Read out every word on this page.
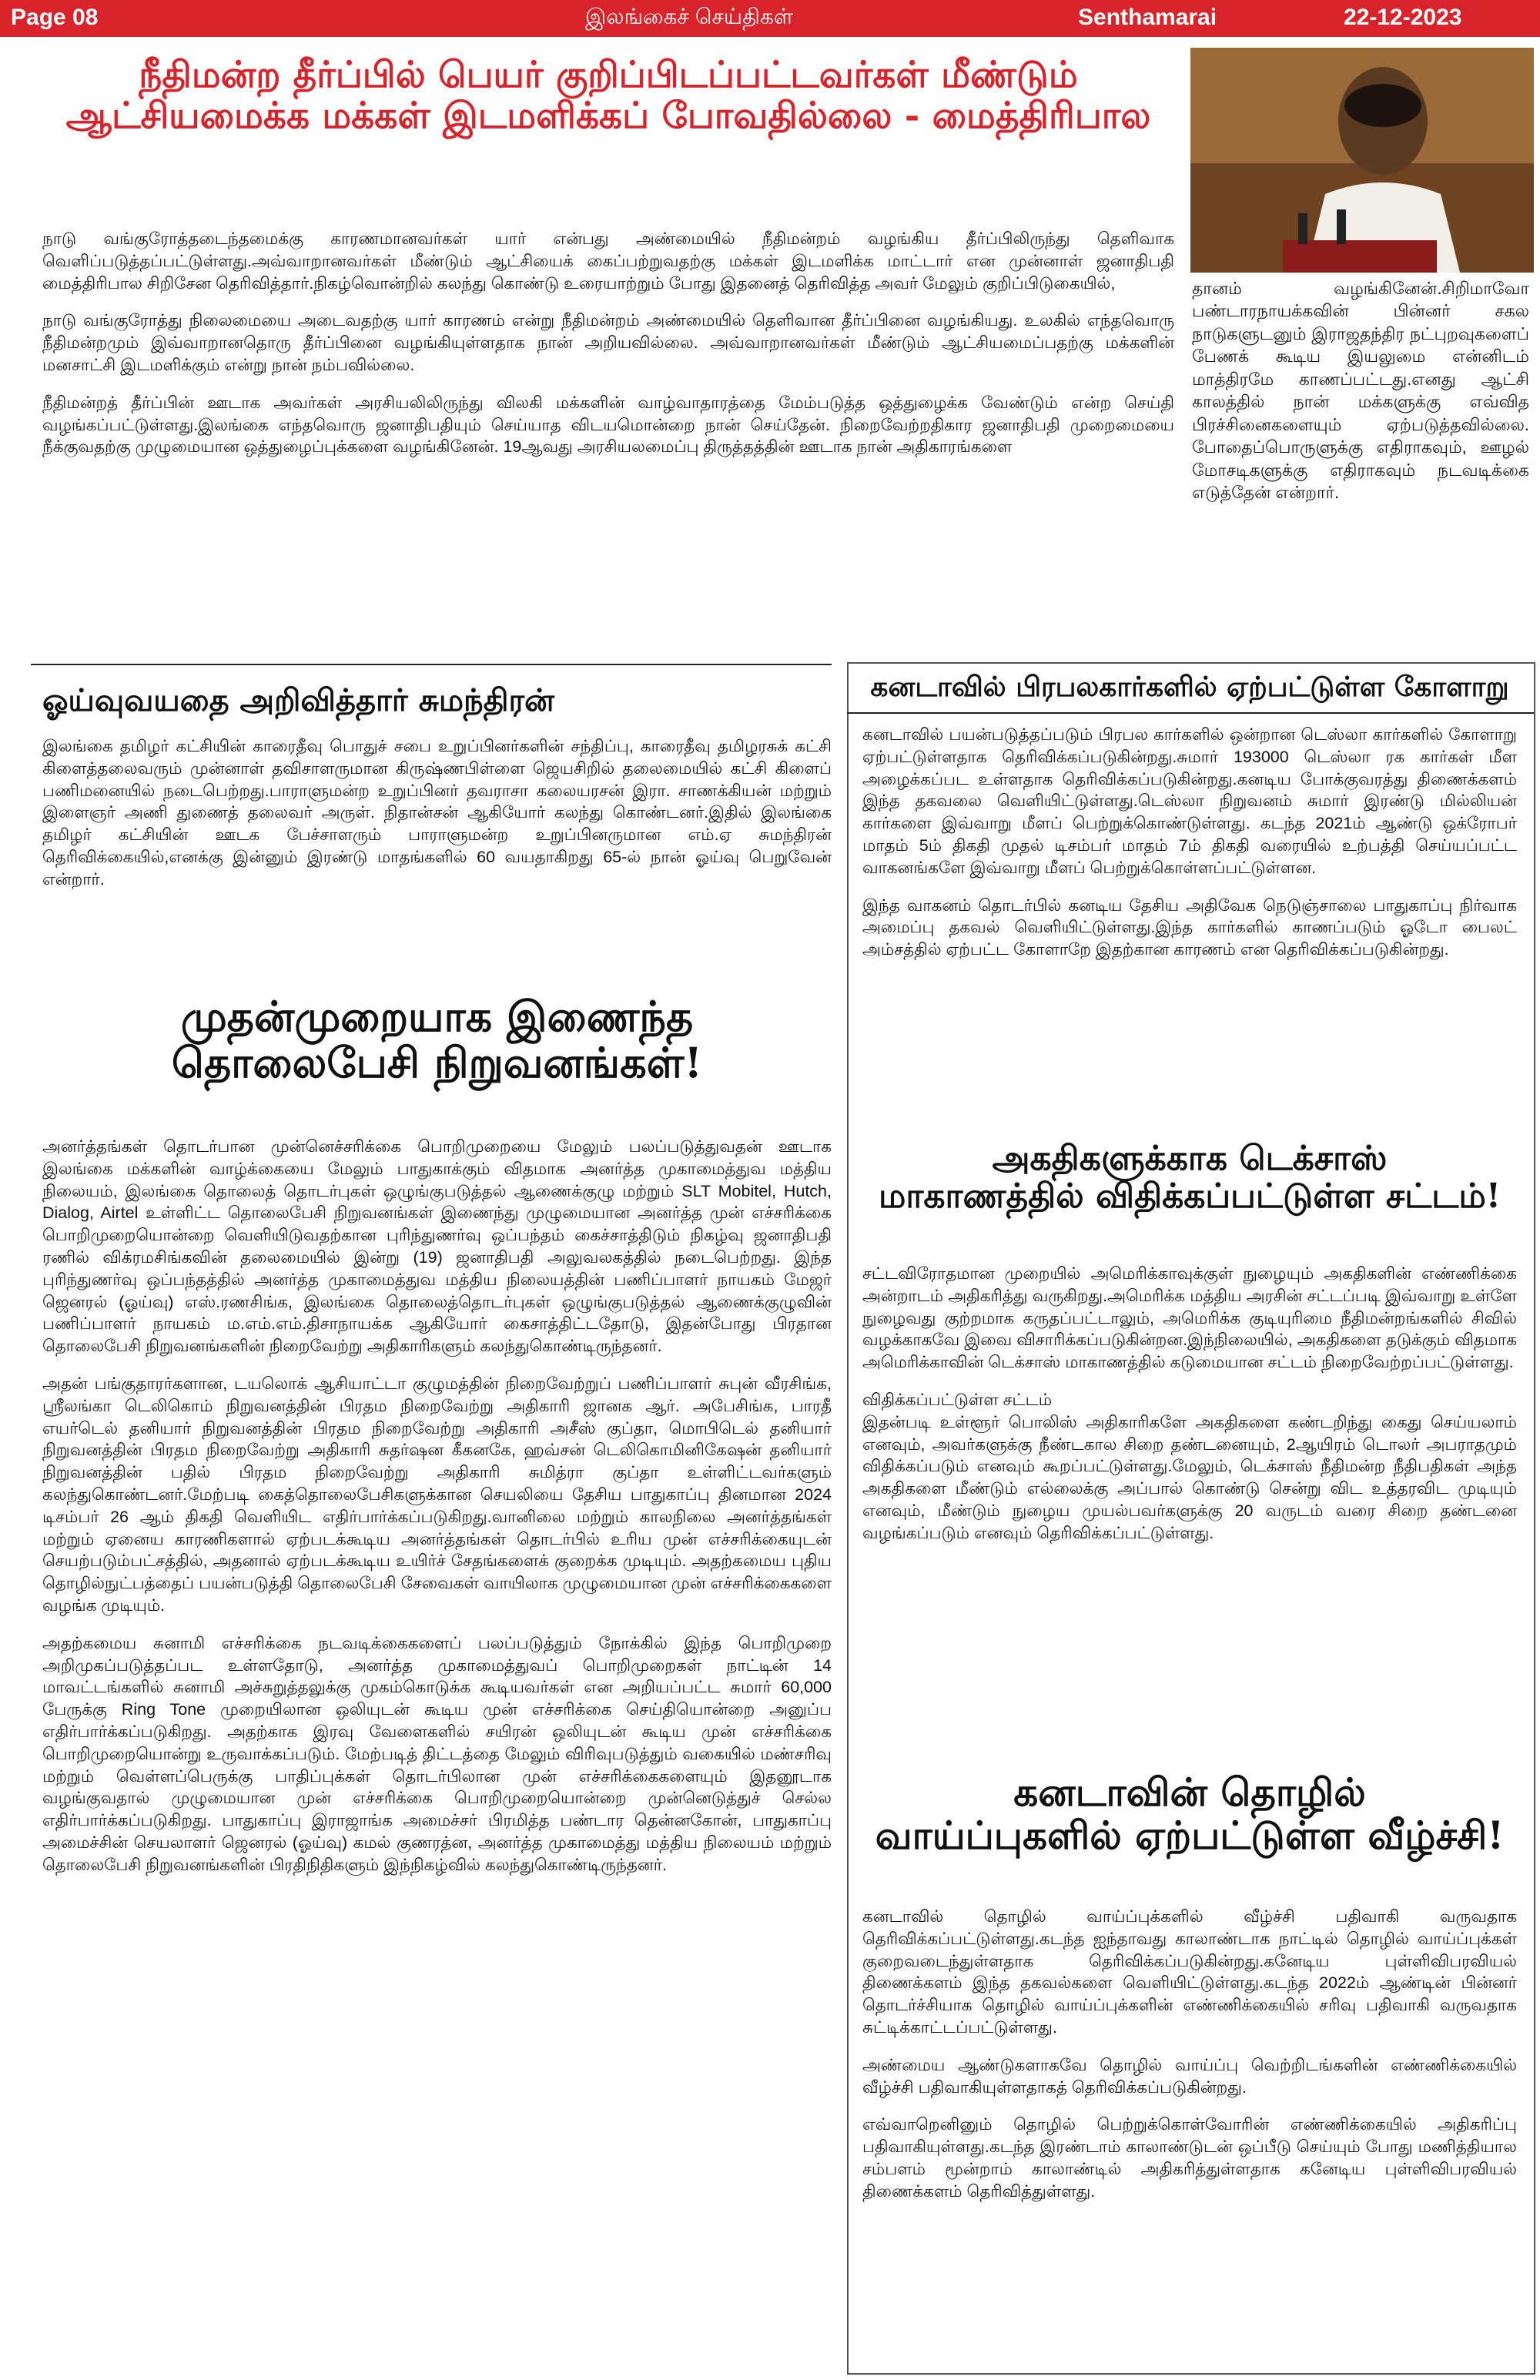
Page 08	இலங்கைச் செய்திகள்	Senthamarai	22-12-2023
நீதிமன்ற தீர்ப்பில் பெயர் குறிப்பிடப்பட்டவர்கள் மீண்டும்
ஆட்சியமைக்க மக்கள் இடமளிக்கப் போவதில்லை - மைத்திரிபால

நாடு வங்குரோத்தடைந்தமைக்கு காரணமானவர்கள் யார் என்பது அண்மையில் நீதிமன்றம் வழங்கிய தீர்ப்பிலிருந்து தெளிவாக வெளிப்படுத்தப்பட்டுள்ளது.அவ்வாறானவர்கள் மீண்டும் ஆட்சியைக் கைப்பற்றுவதற்கு மக்கள் இடமளிக்க மாட்டார் என முன்னாள் ஜனாதிபதி மைத்திரிபால சிறிசேன தெரிவித்தார்.நிகழ்வொன்றில் கலந்து கொண்டு உரையாற்றும் போது இதனைத் தெரிவித்த அவர் மேலும் குறிப்பிடுகையில்,

நாடு வங்குரோத்து நிலைமையை அடைவதற்கு யார் காரணம் என்று நீதிமன்றம் அண்மையில் தெளிவான தீர்ப்பினை வழங்கியது. உலகில் எந்தவொரு நீதிமன்றமும் இவ்வாறானதொரு தீர்ப்பினை வழங்கியுள்ளதாக நான் அறியவில்லை. அவ்வாறானவர்கள் மீண்டும் ஆட்சியமைப்பதற்கு மக்களின் மனசாட்சி இடமளிக்கும் என்று நான் நம்பவில்லை.

நீதிமன்றத் தீர்ப்பின் ஊடாக அவர்கள் அரசியலிலிருந்து விலகி மக்களின் வாழ்வாதாரத்தை மேம்படுத்த ஒத்துழைக்க வேண்டும் என்ற செய்தி வழங்கப்பட்டுள்ளது.இலங்கை எந்தவொரு ஜனாதிபதியும் செய்யாத விடயமொன்றை நான் செய்தேன். நிறைவேற்றதிகார ஜனாதிபதி முறைமையை நீக்குவதற்கு முழுமையான ஒத்துழைப்புக்களை வழங்கினேன். 19ஆவது அரசியலமைப்பு திருத்தத்தின் ஊடாக நான் அதிகாரங்களை

தானம் வழங்கினேன்.சிறிமாவோ பண்டாரநாயக்கவின் பின்னர் சகல நாடுகளுடனும் இராஜதந்திர நட்புறவுகளைப் பேணக் கூடிய இயலுமை என்னிடம் மாத்திரமே காணப்பட்டது.எனது ஆட்சி காலத்தில் நான் மக்களுக்கு எவ்வித பிரச்சினைகளையும் ஏற்படுத்தவில்லை. போதைப்பொருளுக்கு எதிராகவும், ஊழல் மோசடிகளுக்கு எதிராகவும் நடவடிக்கை எடுத்தேன் என்றார்.

ஓய்வுவயதை அறிவித்தார் சுமந்திரன்

இலங்கை தமிழர் கட்சியின் காரைதீவு பொதுச் சபை உறுப்பினர்களின் சந்திப்பு, காரைதீவு தமிழரசுக் கட்சி கிளைத்தலைவரும் முன்னாள் தவிசாளருமான கிருஷ்ணபிள்ளை ஜெயசிறில் தலைமையில் கட்சி கிளைப் பணிமனையில் நடைபெற்றது.பாராளுமன்ற உறுப்பினர் தவராசா கலையரசன் இரா. சாணக்கியன் மற்றும் இளைஞர் அணி துணைத் தலைவர் அருள். நிதான்சன் ஆகியோர் கலந்து கொண்டனர்.இதில் இலங்கை தமிழர் கட்சியின் ஊடக பேச்சாளரும் பாராளுமன்ற உறுப்பினருமான எம்.ஏ சுமந்திரன் தெரிவிக்கையில்,எனக்கு இன்னும் இரண்டு மாதங்களில் 60 வயதாகிறது 65-ல் நான் ஓய்வு பெறுவேன் என்றார்.

முதன்முறையாக இணைந்த
தொலைபேசி நிறுவனங்கள்!

அனர்த்தங்கள் தொடர்பான முன்னெச்சரிக்கை பொறிமுறையை மேலும் பலப்படுத்துவதன் ஊடாக இலங்கை மக்களின் வாழ்க்கையை மேலும் பாதுகாக்கும் விதமாக அனர்த்த முகாமைத்துவ மத்திய நிலையம், இலங்கை தொலைத் தொடர்புகள் ஒழுங்குபடுத்தல் ஆணைக்குழு மற்றும் SLT Mobitel, Hutch, Dialog, Airtel உள்ளிட்ட தொலைபேசி நிறுவனங்கள் இணைந்து முழுமையான அனர்த்த முன் எச்சரிக்கை பொறிமுறையொன்றை வெளியிடுவதற்கான புரிந்துணர்வு ஒப்பந்தம் கைச்சாத்திடும் நிகழ்வு ஜனாதிபதி ரணில் விக்ரமசிங்கவின் தலைமையில் இன்று (19) ஜனாதிபதி அலுவலகத்தில் நடைபெற்றது. இந்த புரிந்துணர்வு ஒப்பந்தத்தில் அனர்த்த முகாமைத்துவ மத்திய நிலையத்தின் பணிப்பாளர் நாயகம் மேஜர் ஜெனரல் (ஓய்வு) எஸ்.ரணசிங்க, இலங்கை தொலைத்தொடர்புகள் ஒழுங்குபடுத்தல் ஆணைக்குழுவின் பணிப்பாளர் நாயகம் ம.எம்.எம்.திசாநாயக்க ஆகியோர் கைசாத்திட்டதோடு, இதன்போது பிரதான தொலைபேசி நிறுவனங்களின் நிறைவேற்று அதிகாரிகளும் கலந்துகொண்டிருந்தனர்.

அதன் பங்குதாரர்களான, டயலொக் ஆசியாட்டா குழுமத்தின் நிறைவேற்றுப் பணிப்பாளர் சுபுன் வீரசிங்க, ஸ்ரீலங்கா டெலிகொம் நிறுவனத்தின் பிரதம நிறைவேற்று அதிகாரி ஜானக ஆர். அபேசிங்க, பாரதீ எயர்டெல் தனியார் நிறுவனத்தின் பிரதம நிறைவேற்று அதிகாரி அசீஸ் குப்தா, மொபிடெல் தனியார் நிறுவனத்தின் பிரதம நிறைவேற்று அதிகாரி சுதர்ஷன கீகனகே, ஹவ்சன் டெலிகொமினிகேஷன் தனியார் நிறுவனத்தின் பதில் பிரதம நிறைவேற்று அதிகாரி சுமித்ரா குப்தா உள்ளிட்டவர்களும் கலந்துகொண்டனர்.மேற்படி கைத்தொலைபேசிகளுக்கான செயலியை தேசிய பாதுகாப்பு தினமான 2024 டிசம்பர் 26 ஆம் திகதி வெளியிட எதிர்பார்க்கப்படுகிறது.வானிலை மற்றும் காலநிலை அனர்த்தங்கள் மற்றும் ஏனைய காரணிகளால் ஏற்படக்கூடிய அனர்த்தங்கள் தொடர்பில் உரிய முன் எச்சரிக்கையுடன் செயற்படும்பட்சத்தில், அதனால் ஏற்படக்கூடிய உயிர்ச் சேதங்களைக் குறைக்க முடியும். அதற்கமைய புதிய தொழில்நுட்பத்தைப் பயன்படுத்தி தொலைபேசி சேவைகள் வாயிலாக முழுமையான முன் எச்சரிக்கைகளை வழங்க முடியும்.

அதற்கமைய சுனாமி எச்சரிக்கை நடவடிக்கைகளைப் பலப்படுத்தும் நோக்கில் இந்த பொறிமுறை அறிமுகப்படுத்தப்பட உள்ளதோடு, அனர்த்த முகாமைத்துவப் பொறிமுறைகள் நாட்டின் 14 மாவட்டங்களில் சுனாமி அச்சுறுத்தலுக்கு முகம்கொடுக்க கூடியவர்கள் என அறியப்பட்ட சுமார் 60,000 பேருக்கு Ring Tone முறையிலான ஒலியுடன் கூடிய முன் எச்சரிக்கை செய்தியொன்றை அனுப்ப எதிர்பார்க்கப்படுகிறது. அதற்காக இரவு வேளைகளில் சயிரன் ஒலியுடன் கூடிய முன் எச்சரிக்கை பொறிமுறையொன்று உருவாக்கப்படும். மேற்படித் திட்டத்தை மேலும் விரிவுபடுத்தும் வகையில் மண்சரிவு மற்றும் வெள்ளப்பெருக்கு பாதிப்புக்கள் தொடர்பிலான முன் எச்சரிக்கைகளையும் இதனூடாக வழங்குவதால் முழுமையான முன் எச்சரிக்கை பொறிமுறையொன்றை முன்னெடுத்துச் செல்ல எதிர்பார்க்கப்படுகிறது. பாதுகாப்பு இராஜாங்க அமைச்சர் பிரமித்த பண்டார தென்னகோன், பாதுகாப்பு அமைச்சின் செயலாளர் ஜெனரல் (ஓய்வு) கமல் குணரத்ன, அனர்த்த முகாமைத்து மத்திய நிலையம் மற்றும் தொலைபேசி நிறுவனங்களின் பிரதிநிதிகளும் இந்நிகழ்வில் கலந்துகொண்டிருந்தனர்.

கனடாவில் பிரபலகார்களில் ஏற்பட்டுள்ள கோளாறு

கனடாவில் பயன்படுத்தப்படும் பிரபல கார்களில் ஒன்றான டெஸ்லா கார்களில் கோளாறு ஏற்பட்டுள்ளதாக தெரிவிக்கப்படுகின்றது.சுமார் 193000 டெஸ்லா ரக கார்கள் மீள அழைக்கப்பட உள்ளதாக தெரிவிக்கப்படுகின்றது.கனடிய போக்குவரத்து திணைக்களம் இந்த தகவலை வெளியிட்டுள்ளது.டெஸ்லா நிறுவனம் சுமார் இரண்டு மில்லியன் கார்களை இவ்வாறு மீளப் பெற்றுக்கொண்டுள்ளது. கடந்த 2021ம் ஆண்டு ஒக்ரோபர் மாதம் 5ம் திகதி முதல் டிசம்பர் மாதம் 7ம் திகதி வரையில் உற்பத்தி செய்யப்பட்ட வாகனங்களே இவ்வாறு மீளப் பெற்றுக்கொள்ளப்பட்டுள்ளன.

இந்த வாகனம் தொடர்பில் கனடிய தேசிய அதிவேக நெடுஞ்சாலை பாதுகாப்பு நிர்வாக அமைப்பு தகவல் வெளியிட்டுள்ளது.இந்த கார்களில் காணப்படும் ஓடோ பைலட் அம்சத்தில் ஏற்பட்ட கோளாறே இதற்கான காரணம் என தெரிவிக்கப்படுகின்றது.

அகதிகளுக்காக டெக்சாஸ்
மாகாணத்தில் விதிக்கப்பட்டுள்ள சட்டம்!

சட்டவிரோதமான முறையில் அமெரிக்காவுக்குள் நுழையும் அகதிகளின் எண்ணிக்கை அன்றாடம் அதிகரித்து வருகிறது.அமெரிக்க மத்திய அரசின் சட்டப்படி இவ்வாறு உள்ளே நுழைவது குற்றமாக கருதப்பட்டாலும், அமெரிக்க குடியுரிமை நீதிமன்றங்களில் சிவில் வழக்காகவே இவை விசாரிக்கப்படுகின்றன.இந்நிலையில், அகதிகளை தடுக்கும் விதமாக அமெரிக்காவின் டெக்சாஸ் மாகாணத்தில் கடுமையான சட்டம் நிறைவேற்றப்பட்டுள்ளது.

விதிக்கப்பட்டுள்ள சட்டம்

இதன்படி உள்ளூர் பொலிஸ் அதிகாரிகளே அகதிகளை கண்டறிந்து கைது செய்யலாம் எனவும், அவர்களுக்கு நீண்டகால சிறை தண்டனையும், 2ஆயிரம் டொலர் அபராதமும் விதிக்கப்படும் எனவும் கூறப்பட்டுள்ளது.மேலும், டெக்சாஸ் நீதிமன்ற நீதிபதிகள் அந்த அகதிகளை மீண்டும் எல்லைக்கு அப்பால் கொண்டு சென்று விட உத்தரவிட முடியும் எனவும், மீண்டும் நுழைய முயல்பவர்களுக்கு 20 வருடம் வரை சிறை தண்டனை வழங்கப்படும் எனவும் தெரிவிக்கப்பட்டுள்ளது.

கனடாவின் தொழில்
வாய்ப்புகளில் ஏற்பட்டுள்ள வீழ்ச்சி!

கனடாவில் தொழில் வாய்ப்புக்களில் வீழ்ச்சி பதிவாகி வருவதாக தெரிவிக்கப்பட்டுள்ளது.கடந்த ஐந்தாவது காலாண்டாக நாட்டில் தொழில் வாய்ப்புக்கள் குறைவடைந்துள்ளதாக தெரிவிக்கப்படுகின்றது.கனேடிய புள்ளிவிபரவியல் திணைக்களம் இந்த தகவல்களை வெளியிட்டுள்ளது.கடந்த 2022ம் ஆண்டின் பின்னர் தொடர்ச்சியாக தொழில் வாய்ப்புக்களின் எண்ணிக்கையில் சரிவு பதிவாகி வருவதாக சுட்டிக்காட்டப்பட்டுள்ளது.

அண்மைய ஆண்டுகளாகவே தொழில் வாய்ப்பு வெற்றிடங்களின் எண்ணிக்கையில் வீழ்ச்சி பதிவாகியுள்ளதாகத் தெரிவிக்கப்படுகின்றது.

எவ்வாறெனினும் தொழில் பெற்றுக்கொள்வோரின் எண்ணிக்கையில் அதிகரிப்பு பதிவாகியுள்ளது.கடந்த இரண்டாம் காலாண்டுடன் ஒப்பீடு செய்யும் போது மணித்தியால சம்பளம் மூன்றாம் காலாண்டில் அதிகரித்துள்ளதாக கனேடிய புள்ளிவிபரவியல் திணைக்களம் தெரிவித்துள்ளது.
